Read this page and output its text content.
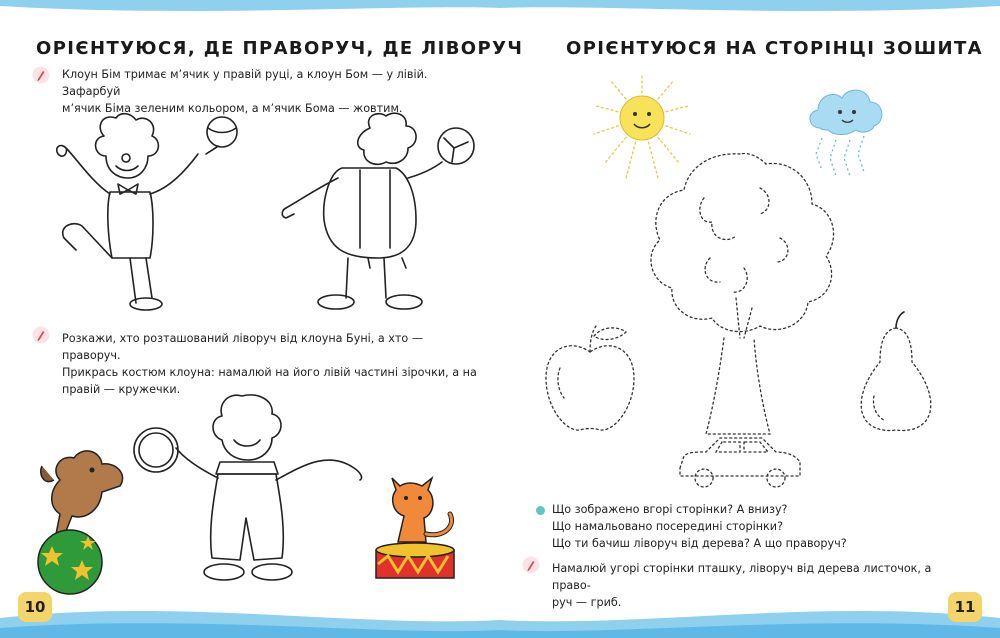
ОРІЄНТУЮСЯ, ДЕ ПРАВОРУЧ, ДЕ ЛІВОРУЧ
Клоун Бім тримає м’ячик у правій руці, а клоун Бом — у лівій. Зафарбуй
м’ячик Біма зеленим кольором, а м’ячик Бома — жовтим.
Розкажи, хто розташований ліворуч від клоуна Буні, а хто — праворуч.
Прикрась костюм клоуна: намалюй на його лівій частині зірочки, а на
правій — кружечки.
10
ОРІЄНТУЮСЯ НА СТОРІНЦІ ЗОШИТА
Що зображено вгорі сторінки? А внизу?
Що намальовано посередині сторінки?
Що ти бачиш ліворуч від дерева? А що праворуч?
Намалюй угорі сторінки пташку, ліворуч від дерева листочок, а право-
руч — гриб.	11
